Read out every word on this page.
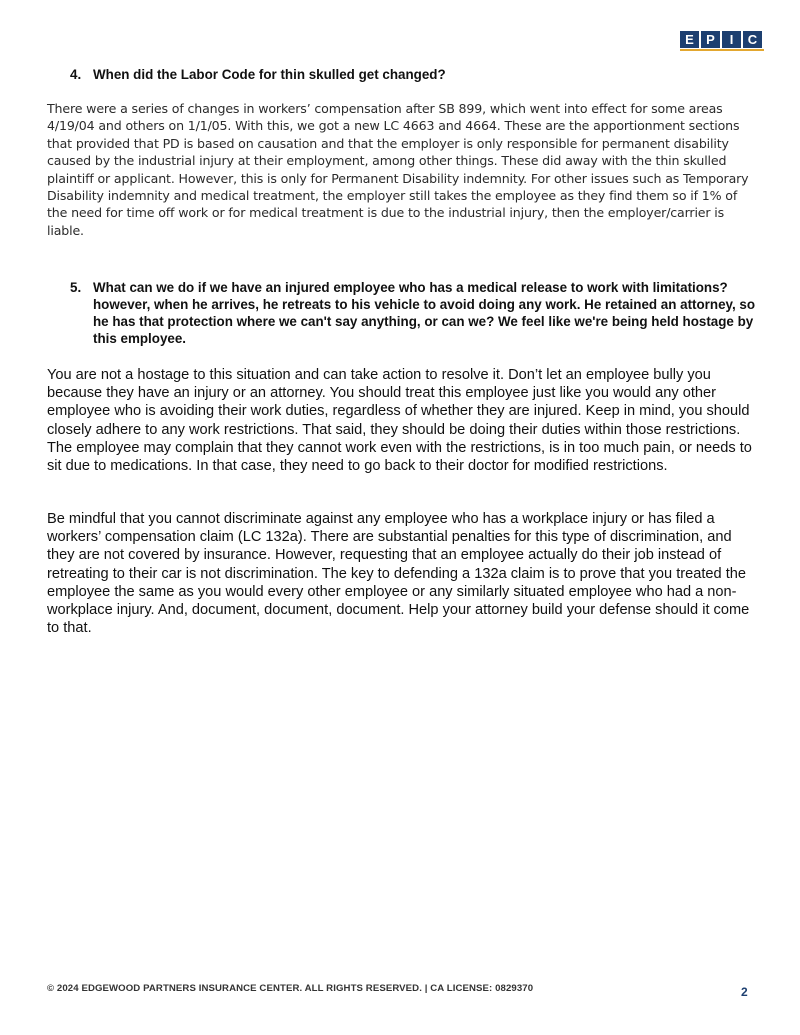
E P	I	C
4. When did the Labor Code for thin skulled get changed?
There were a series of changes in workers’ compensation after SB 899, which went into effect for some areas 4/19/04 and others on 1/1/05. With this, we got a new LC 4663 and 4664. These are the apportionment sections that provided that PD is based on causation and that the employer is only responsible for permanent disability caused by the industrial injury at their employment, among other things. These did away with the thin skulled plaintiff or applicant. However, this is only for Permanent Disability indemnity. For other issues such as Temporary Disability indemnity and medical treatment, the employer still takes the employee as they find them so if 1% of the need for time off work or for medical treatment is due to the industrial injury, then the employer/carrier is liable.
5. What can we do if we have an injured employee who has a medical release to work with limitations? however, when he arrives, he retreats to his vehicle to avoid doing any work. He retained an attorney, so he has that protection where we can't say anything, or can we? We feel like we're being held hostage by this employee.
You are not a hostage to this situation and can take action to resolve it. Don’t let an employee bully you because they have an injury or an attorney. You should treat this employee just like you would any other employee who is avoiding their work duties, regardless of whether they are injured. Keep in mind, you should closely adhere to any work restrictions. That said, they should be doing their duties within those restrictions. The employee may complain that they cannot work even with the restrictions, is in too much pain, or needs to sit due to medications. In that case, they need to go back to their doctor for modified restrictions.
Be mindful that you cannot discriminate against any employee who has a workplace injury or has filed a workers’ compensation claim (LC 132a). There are substantial penalties for this type of discrimination, and they are not covered by insurance. However, requesting that an employee actually do their job instead of retreating to their car is not discrimination. The key to defending a 132a claim is to prove that you treated the employee the same as you would every other employee or any similarly situated employee who had a non-workplace injury. And, document, document, document. Help your attorney build your defense should it come to that.
© 2024 EDGEWOOD PARTNERS INSURANCE CENTER. ALL RIGHTS RESERVED. | CA LICENSE: 0829370	2
